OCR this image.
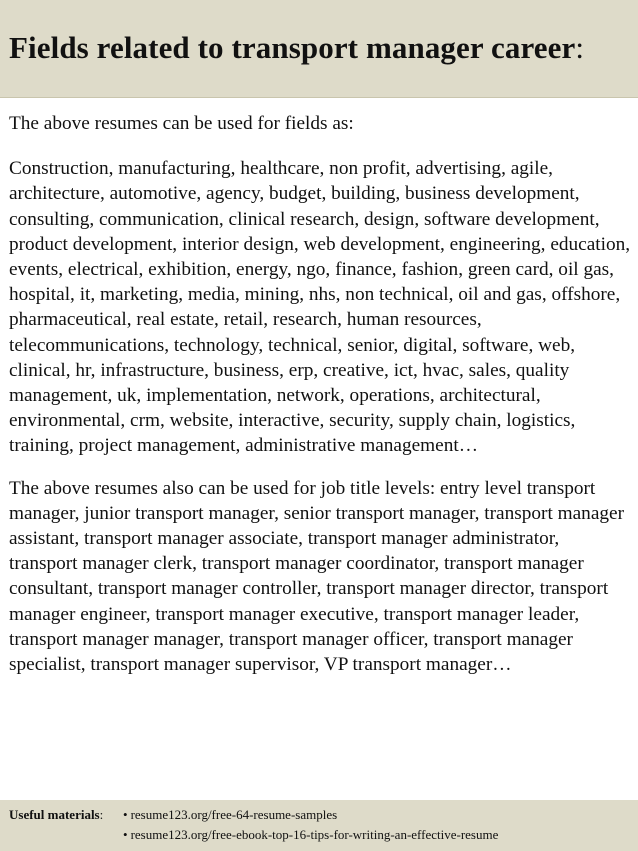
Fields related to transport manager career:

The above resumes can be used for fields as:

Construction, manufacturing, healthcare, non profit, advertising, agile, architecture, automotive, agency, budget, building, business development, consulting, communication, clinical research, design, software development, product development, interior design, web development, engineering, education, events, electrical, exhibition, energy, ngo, finance, fashion, green card, oil gas, hospital, it, marketing, media, mining, nhs, non technical, oil and gas, offshore, pharmaceutical, real estate, retail, research, human resources, telecommunications, technology, technical, senior, digital, software, web, clinical, hr, infrastructure, business, erp, creative, ict, hvac, sales, quality management, uk, implementation, network, operations, architectural, environmental, crm, website, interactive, security, supply chain, logistics, training, project management, administrative management…

The above resumes also can be used for job title levels: entry level transport manager, junior transport manager, senior transport manager, transport manager assistant, transport manager associate, transport manager administrator, transport manager clerk, transport manager coordinator, transport manager consultant, transport manager controller, transport manager director, transport manager engineer, transport manager executive, transport manager leader, transport manager manager, transport manager officer, transport manager specialist, transport manager supervisor, VP transport manager…

Useful materials: • resume123.org/free-64-resume-samples
• resume123.org/free-ebook-top-16-tips-for-writing-an-effective-resume
